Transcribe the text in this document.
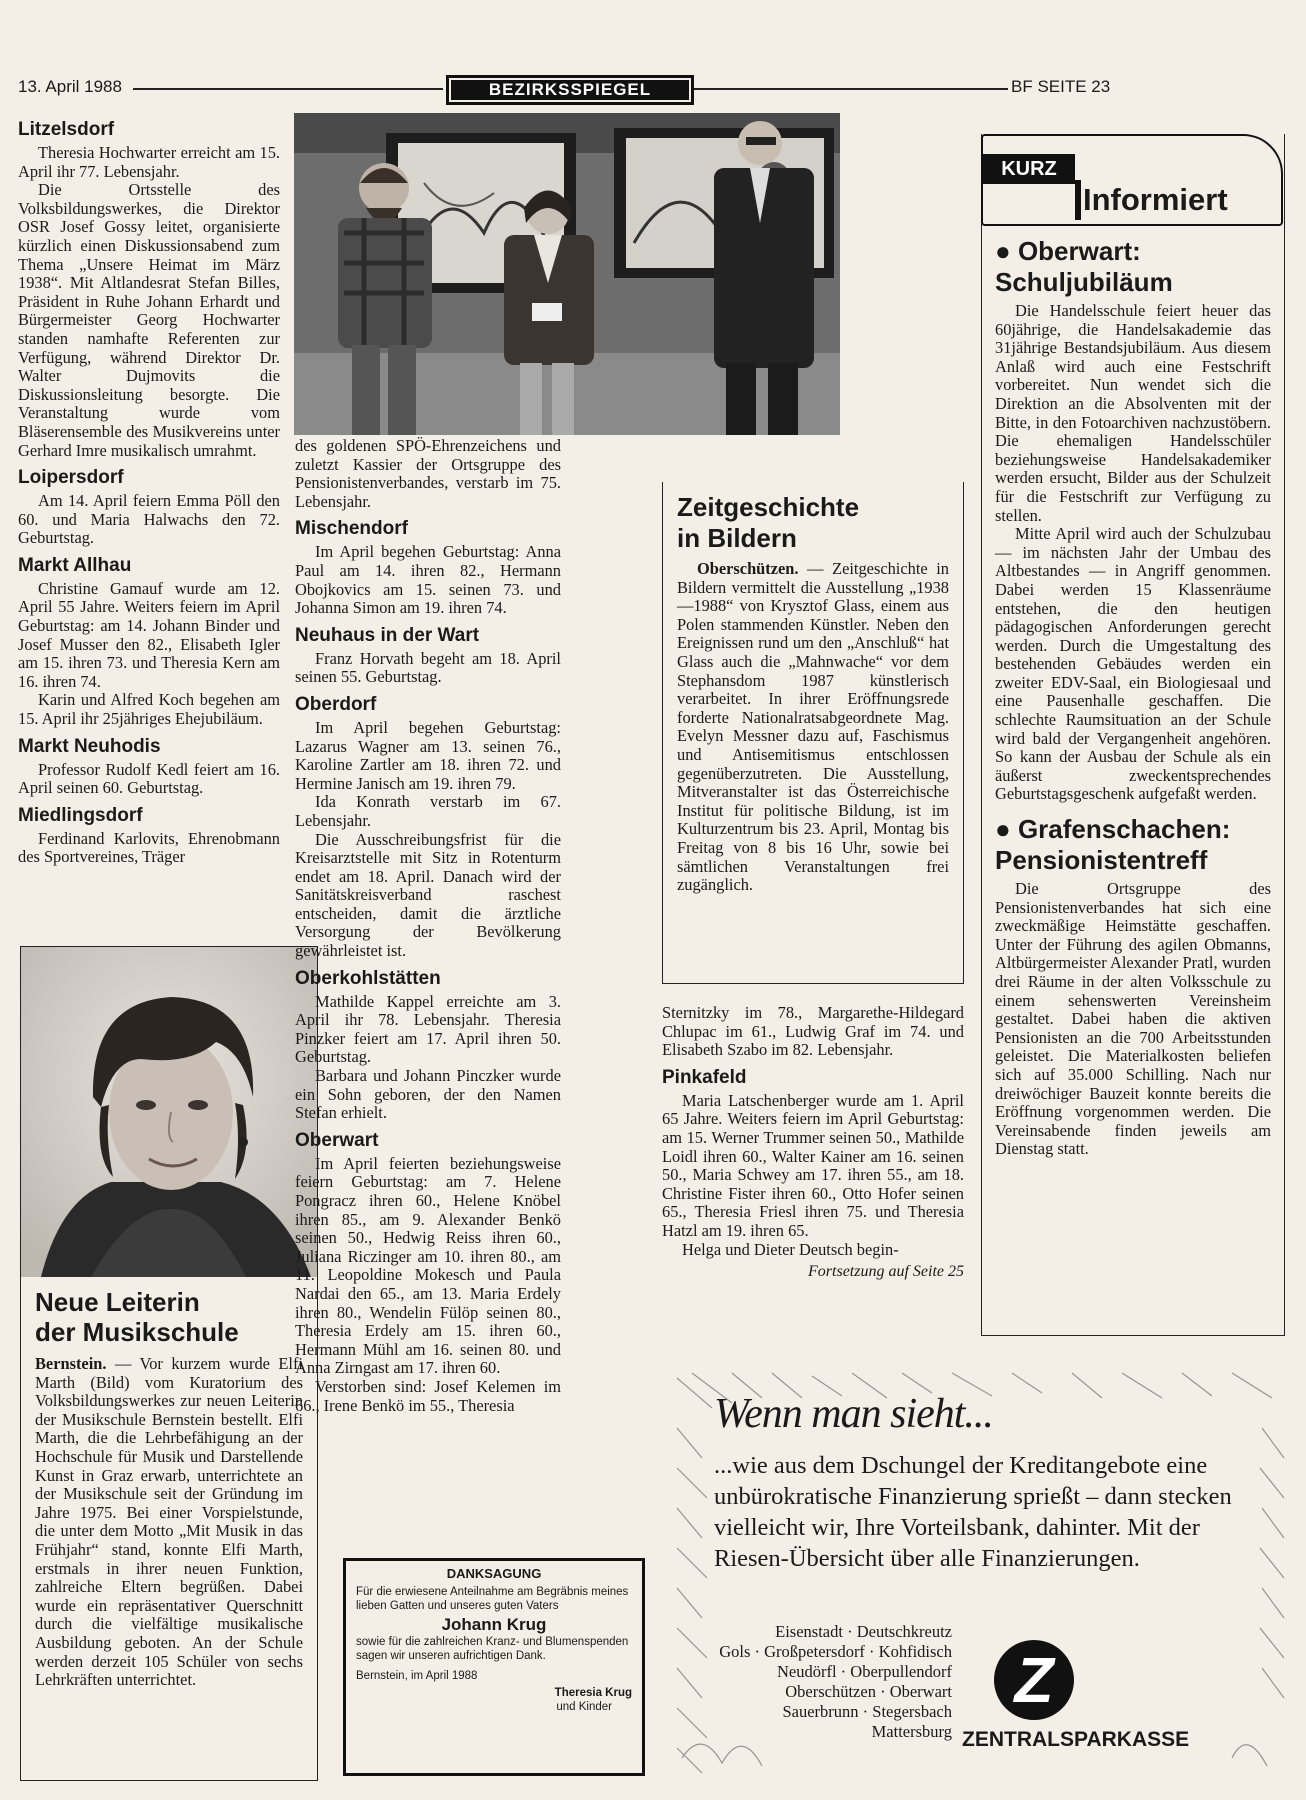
13. April 1988	BEZIRKSSPIEGEL	BF SEITE 23
Litzelsdorf

Theresia Hochwarter erreicht am 15. April ihr 77. Lebensjahr.

Die Ortsstelle des Volksbildungswerkes, die Direktor OSR Josef Gossy leitet, organisierte kürzlich einen Diskussionsabend zum Thema „Unsere Heimat im März 1938“. Mit Altlandesrat Stefan Billes, Präsident in Ruhe Johann Erhardt und Bürgermeister Georg Hochwarter standen namhafte Referenten zur Verfügung, während Direktor Dr. Walter Dujmovits die Diskussionsleitung besorgte. Die Veranstaltung wurde vom Bläserensemble des Musikvereins unter Gerhard Imre musikalisch umrahmt.

Loipersdorf

Am 14. April feiern Emma Pöll den 60. und Maria Halwachs den 72. Geburtstag.

Markt Allhau

Christine Gamauf wurde am 12. April 55 Jahre. Weiters feiern im April Geburtstag: am 14. Johann Binder und Josef Musser den 82., Elisabeth Igler am 15. ihren 73. und Theresia Kern am 16. ihren 74.

Karin und Alfred Koch begehen am 15. April ihr 25jähriges Ehejubiläum.

Markt Neuhodis

Professor Rudolf Kedl feiert am 16. April seinen 60. Geburtstag.

Miedlingsdorf

Ferdinand Karlovits, Ehrenobmann des Sportvereines, Träger

Neue Leiterin
der Musikschule

Bernstein. — Vor kurzem wurde Elfi Marth (Bild) vom Kuratorium des Volksbildungswerkes zur neuen Leiterin der Musikschule Bernstein bestellt. Elfi Marth, die die Lehrbefähigung an der Hochschule für Musik und Darstellende Kunst in Graz erwarb, unterrichtete an der Musikschule seit der Gründung im Jahre 1975. Bei einer Vorspielstunde, die unter dem Motto „Mit Musik in das Frühjahr“ stand, konnte Elfi Marth, erstmals in ihrer neuen Funktion, zahlreiche Eltern begrüßen. Dabei wurde ein repräsentativer Querschnitt durch die vielfältige musikalische Ausbildung geboten. An der Schule werden derzeit 105 Schüler von sechs Lehrkräften unterrichtet.

des goldenen SPÖ-Ehrenzeichens und zuletzt Kassier der Ortsgruppe des Pensionistenverbandes, verstarb im 75. Lebensjahr.

Mischendorf

Im April begehen Geburtstag: Anna Paul am 14. ihren 82., Hermann Obojkovics am 15. seinen 73. und Johanna Simon am 19. ihren 74.

Neuhaus in der Wart

Franz Horvath begeht am 18. April seinen 55. Geburtstag.

Oberdorf

Im April begehen Geburtstag: Lazarus Wagner am 13. seinen 76., Karoline Zartler am 18. ihren 72. und Hermine Janisch am 19. ihren 79.

Ida Konrath verstarb im 67. Lebensjahr.

Die Ausschreibungsfrist für die Kreisarztstelle mit Sitz in Rotenturm endet am 18. April. Danach wird der Sanitätskreisverband raschest entscheiden, damit die ärztliche Versorgung der Bevölkerung gewährleistet ist.

Oberkohlstätten

Mathilde Kappel erreichte am 3. April ihr 78. Lebensjahr. Theresia Pinzker feiert am 17. April ihren 50. Geburtstag.

Barbara und Johann Pinczker wurde ein Sohn geboren, der den Namen Stefan erhielt.

Oberwart

Im April feierten beziehungsweise feiern Geburtstag: am 7. Helene Pongracz ihren 60., Helene Knöbel ihren 85., am 9. Alexander Benkö seinen 50., Hedwig Reiss ihren 60., Juliana Riczinger am 10. ihren 80., am 11. Leopoldine Mokesch und Paula Nardai den 65., am 13. Maria Erdely ihren 80., Wendelin Fülöp seinen 80., Theresia Erdely am 15. ihren 60., Hermann Mühl am 16. seinen 80. und Anna Zirngast am 17. ihren 60.

Verstorben sind: Josef Kelemen im 66., Irene Benkö im 55., Theresia

DANKSAGUNG
Für die erwiesene Anteilnahme am Begräbnis meines lieben Gatten und unseres guten Vaters
Johann Krug
sowie für die zahlreichen Kranz- und Blumenspenden sagen wir unseren aufrichtigen Dank.
Bernstein, im April 1988
Theresia Krug
und Kinder
Zeitgeschichte
in Bildern

Oberschützen. — Zeitgeschichte in Bildern vermittelt die Ausstellung „1938—1988“ von Krysztof Glass, einem aus Polen stammenden Künstler. Neben den Ereignissen rund um den „Anschluß“ hat Glass auch die „Mahnwache“ vor dem Stephansdom 1987 künstlerisch verarbeitet. In ihrer Eröffnungsrede forderte Nationalratsabgeordnete Mag. Evelyn Messner dazu auf, Faschismus und Antisemitismus entschlossen gegenüberzutreten. Die Ausstellung, Mitveranstalter ist das Österreichische Institut für politische Bildung, ist im Kulturzentrum bis 23. April, Montag bis Freitag von 8 bis 16 Uhr, sowie bei sämtlichen Veranstaltungen frei zugänglich.

Sternitzky im 78., Margarethe-Hildegard Chlupac im 61., Ludwig Graf im 74. und Elisabeth Szabo im 82. Lebensjahr.

Pinkafeld

Maria Latschenberger wurde am 1. April 65 Jahre. Weiters feiern im April Geburtstag: am 15. Werner Trummer seinen 50., Mathilde Loidl ihren 60., Walter Kainer am 16. seinen 50., Maria Schwey am 17. ihren 55., am 18. Christine Fister ihren 60., Otto Hofer seinen 65., Theresia Friesl ihren 75. und Theresia Hatzl am 19. ihren 65.

Helga und Dieter Deutsch begin-

Fortsetzung auf Seite 25
KURZ
Informiert
● Oberwart:
Schuljubiläum

Die Handelsschule feiert heuer das 60jährige, die Handelsakademie das 31jährige Bestandsjubiläum. Aus diesem Anlaß wird auch eine Festschrift vorbereitet. Nun wendet sich die Direktion an die Absolventen mit der Bitte, in den Fotoarchiven nachzustöbern. Die ehemaligen Handelsschüler beziehungsweise Handelsakademiker werden ersucht, Bilder aus der Schulzeit für die Festschrift zur Verfügung zu stellen.

Mitte April wird auch der Schulzubau — im nächsten Jahr der Umbau des Altbestandes — in Angriff genommen. Dabei werden 15 Klassenräume entstehen, die den heutigen pädagogischen Anforderungen gerecht werden. Durch die Umgestaltung des bestehenden Gebäudes werden ein zweiter EDV-Saal, ein Biologiesaal und eine Pausenhalle geschaffen. Die schlechte Raumsituation an der Schule wird bald der Vergangenheit angehören. So kann der Ausbau der Schule als ein äußerst zweckentsprechendes Geburtstagsgeschenk aufgefaßt werden.

● Grafenschachen:
Pensionistentreff

Die Ortsgruppe des Pensionistenverbandes hat sich eine zweckmäßige Heimstätte geschaffen. Unter der Führung des agilen Obmanns, Altbürgermeister Alexander Pratl, wurden drei Räume in der alten Volksschule zu einem sehenswerten Vereinsheim gestaltet. Dabei haben die aktiven Pensionisten an die 700 Arbeitsstunden geleistet. Die Materialkosten beliefen sich auf 35.000 Schilling. Nach nur dreiwöchiger Bauzeit konnte bereits die Eröffnung vorgenommen werden. Die Vereinsabende finden jeweils am Dienstag statt.

Wenn man sieht...
...wie aus dem Dschungel der Kreditangebote eine unbürokratische Finanzierung sprießt – dann stecken vielleicht wir, Ihre Vorteilsbank, dahinter. Mit der Riesen-Übersicht über alle Finanzierungen.
Eisenstadt · Deutschkreutz
Gols · Großpetersdorf · Kohfidisch
Neudörfl · Oberpullendorf
Oberschützen · Oberwart
Sauerbrunn · Stegersbach
Mattersburg
Z
ZENTRALSPARKASSE
